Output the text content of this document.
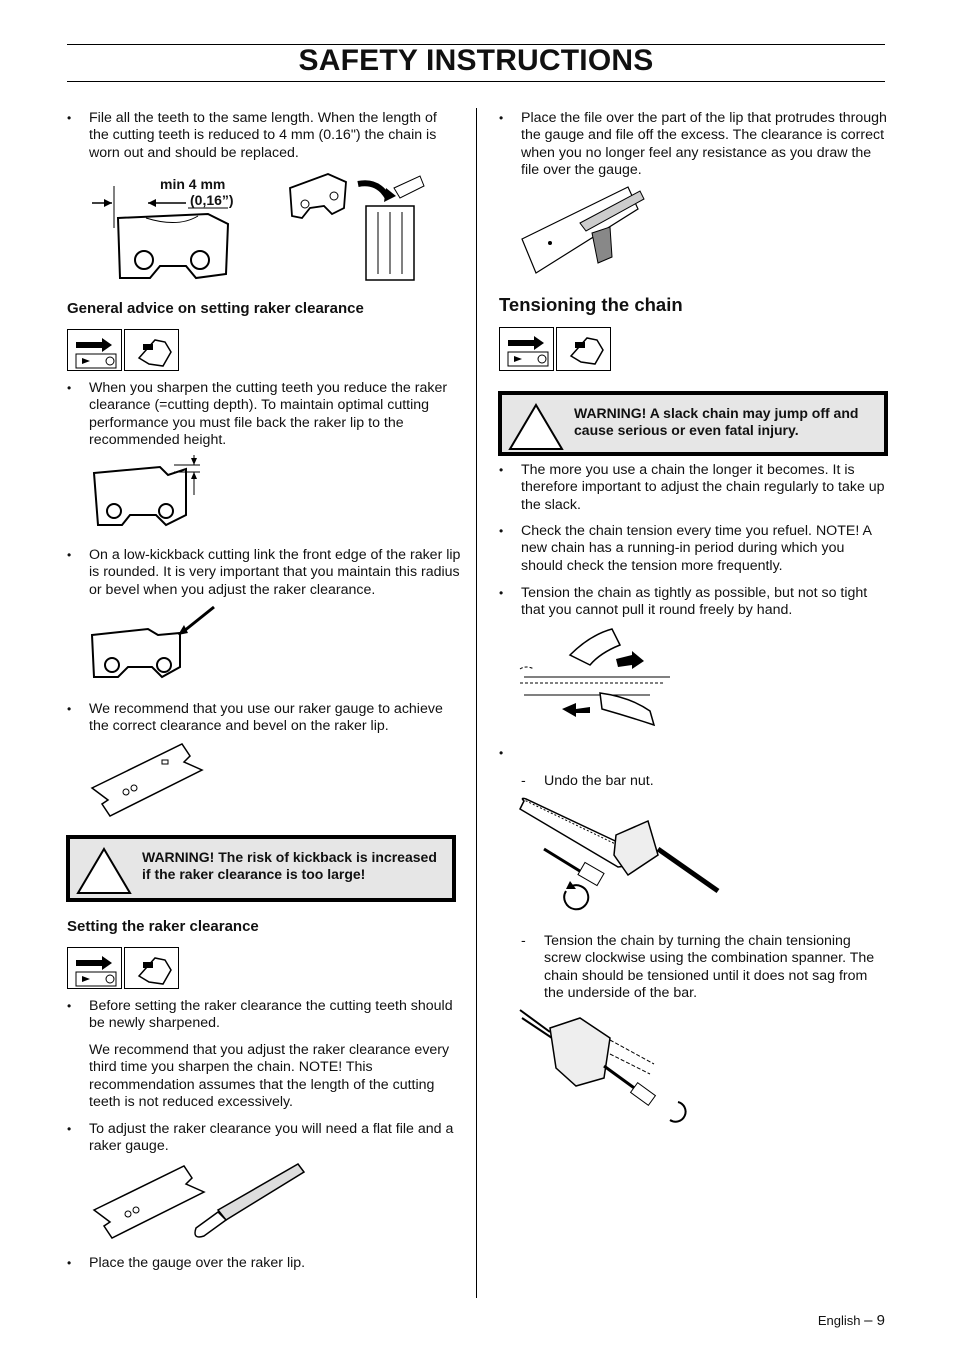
SAFETY INSTRUCTIONS
• File all the teeth to the same length. When the length of the cutting teeth is reduced to 4 mm (0.16") the chain is worn out and should be replaced.
min 4 mm
(0,16”)
General advice on setting raker clearance
• When you sharpen the cutting teeth you reduce the raker clearance (=cutting depth). To maintain optimal cutting performance you must file back the raker lip to the recommended height.
• On a low-kickback cutting link the front edge of the raker lip is rounded. It is very important that you maintain this radius or bevel when you adjust the raker clearance.
• We recommend that you use our raker gauge to achieve the correct clearance and bevel on the raker lip.
WARNING! The risk of kickback is increased if the raker clearance is too large!
Setting the raker clearance
• Before setting the raker clearance the cutting teeth should be newly sharpened.
We recommend that you adjust the raker clearance every third time you sharpen the chain. NOTE! This recommendation assumes that the length of the cutting teeth is not reduced excessively.
• To adjust the raker clearance you will need a flat file and a raker gauge.
• Place the gauge over the raker lip.
• Place the file over the part of the lip that protrudes through the gauge and file off the excess. The clearance is correct when you no longer feel any resistance as you draw the file over the gauge.
Tensioning the chain
WARNING! A slack chain may jump off and cause serious or even fatal injury.
• The more you use a chain the longer it becomes. It is therefore important to adjust the chain regularly to take up the slack.
• Check the chain tension every time you refuel. NOTE! A new chain has a running-in period during which you should check the tension more frequently.
• Tension the chain as tightly as possible, but not so tight that you cannot pull it round freely by hand.
•
- Undo the bar nut.
- Tension the chain by turning the chain tensioning screw clockwise using the combination spanner. The chain should be tensioned until it does not sag from the underside of the bar.
English – 9
